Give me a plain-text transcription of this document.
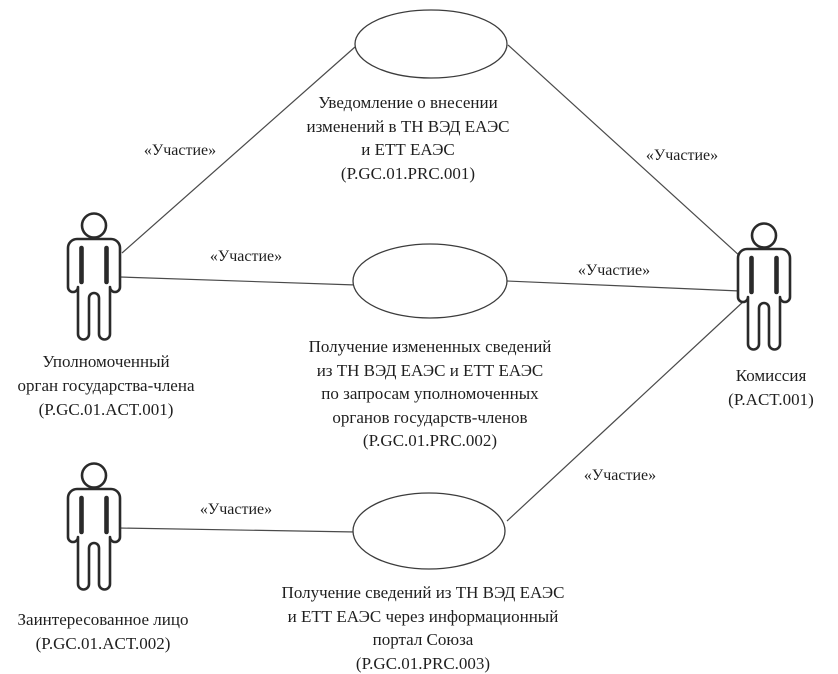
«Участие»	«Участие»
«Участие»
«Участие»
«Участие»
«Участие»
Уведомление о внесении
изменений в ТН ВЭД ЕАЭС
и ЕТТ ЕАЭС
(P.GC.01.PRC.001)
Получение измененных сведений
из ТН ВЭД ЕАЭС и ЕТТ ЕАЭС
по запросам уполномоченных
органов государств-членов
(P.GC.01.PRC.002)
Получение сведений из ТН ВЭД ЕАЭС
и ЕТТ ЕАЭС через информационный
портал Союза
(P.GC.01.PRC.003)
Уполномоченный
орган государства-члена
(P.GC.01.ACT.001)
Заинтересованное лицо
(P.GC.01.ACT.002)
Комиссия
(P.ACT.001)
